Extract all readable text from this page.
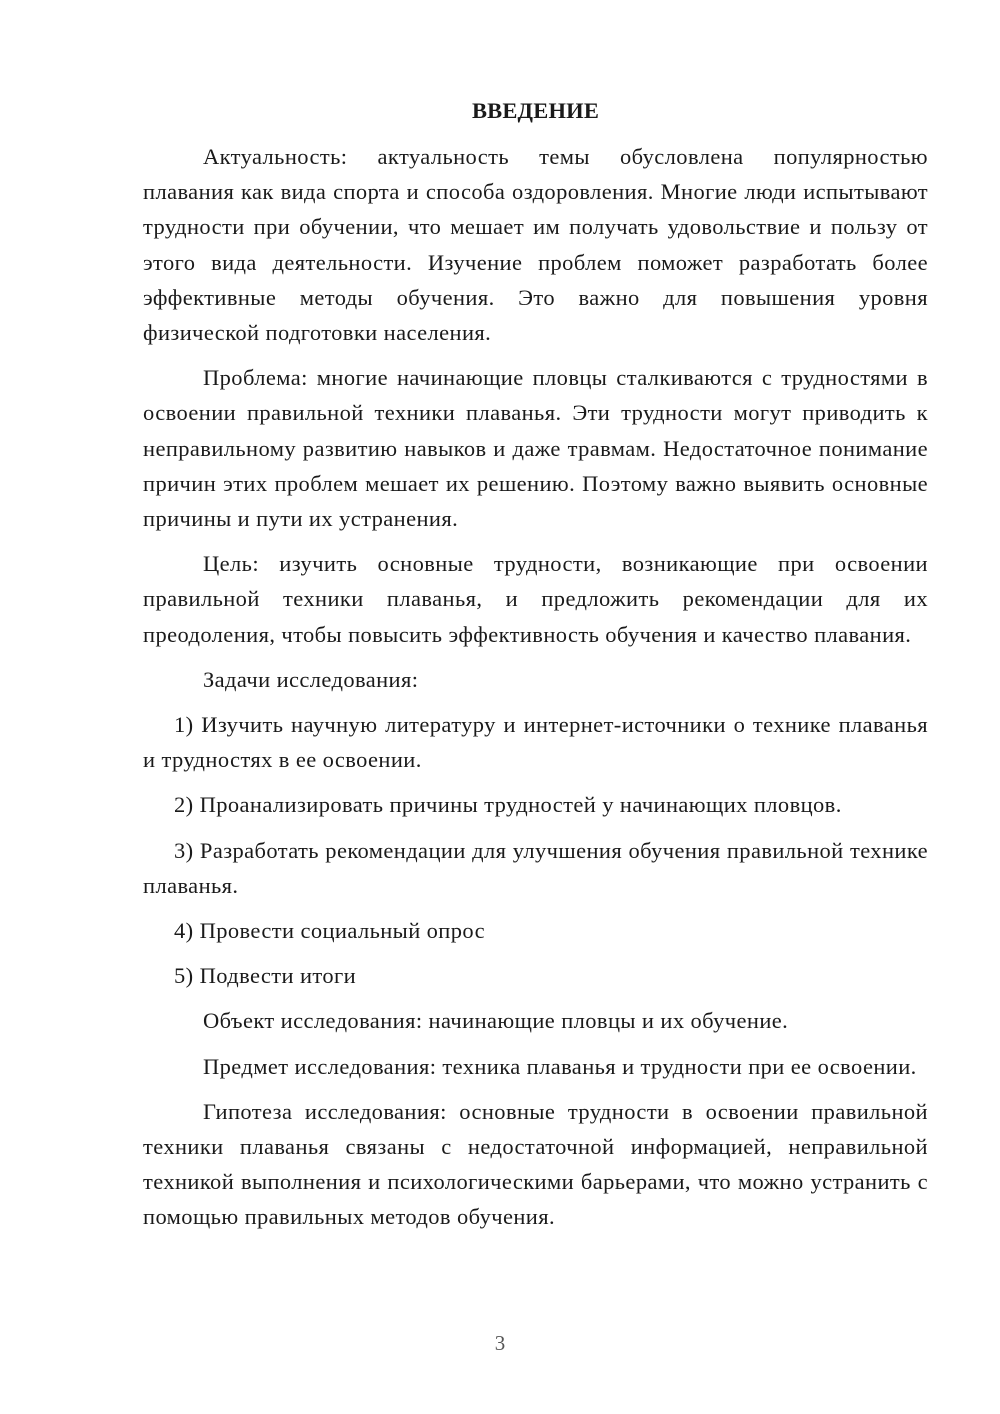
ВВЕДЕНИЕ

Актуальность: актуальность темы обусловлена популярностью плавания как вида спорта и способа оздоровления. Многие люди испытывают трудности при обучении, что мешает им получать удовольствие и пользу от этого вида деятельности. Изучение проблем поможет разработать более эффективные методы обучения. Это важно для повышения уровня физической подготовки населения.

Проблема: многие начинающие пловцы сталкиваются с трудностями в освоении правильной техники плаванья. Эти трудности могут приводить к неправильному развитию навыков и даже травмам. Недостаточное понимание причин этих проблем мешает их решению. Поэтому важно выявить основные причины и пути их устранения.

Цель: изучить основные трудности, возникающие при освоении правильной техники плаванья, и предложить рекомендации для их преодоления, чтобы повысить эффективность обучения и качество плавания.

Задачи исследования:

1) Изучить научную литературу и интернет-источники о технике плаванья и трудностях в ее освоении.

2) Проанализировать причины трудностей у начинающих пловцов.

3) Разработать рекомендации для улучшения обучения правильной технике плаванья.

4) Провести социальный опрос

5) Подвести итоги

Объект исследования: начинающие пловцы и их обучение.

Предмет исследования: техника плаванья и трудности при ее освоении.

Гипотеза исследования: основные трудности в освоении правильной техники плаванья связаны с недостаточной информацией, неправильной техникой выполнения и психологическими барьерами, что можно устранить с помощью правильных методов обучения.

3
